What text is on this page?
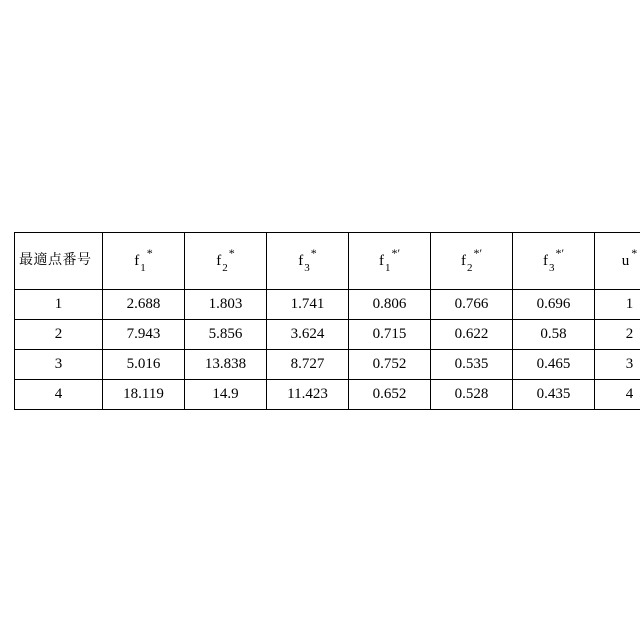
最適点番号	$f_1^*$	$f_2^*$	$f_3^*$	$f_1^{*'}$	$f_2^{*'}$	$f_3^{*'}$	u *
1	2.688	1.803	1.741	0.806	0.766	0.696	1
2	7.943	5.856	3.624	0.715	0.622	0.58	2
3	5.016	13.838	8.727	0.752	0.535	0.465	3
4	18.119	14.9	11.423	0.652	0.528	0.435	4
